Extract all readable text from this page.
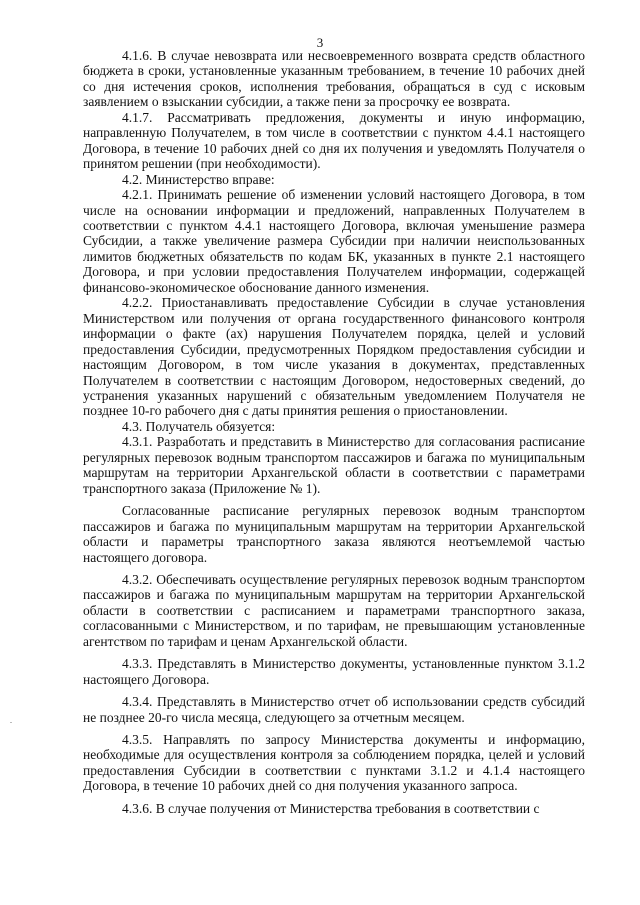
3

4.1.6. В случае невозврата или несвоевременного возврата средств областного бюджета в сроки, установленные указанным требованием, в течение 10 рабочих дней со дня истечения сроков, исполнения требования, обращаться в суд с исковым заявлением о взыскании субсидии, а также пени за просрочку ее возврата.

4.1.7. Рассматривать предложения, документы и иную информацию, направленную Получателем, в том числе в соответствии с пунктом 4.4.1 настоящего Договора, в течение 10 рабочих дней со дня их получения и уведомлять Получателя о принятом решении (при необходимости).

4.2. Министерство вправе:

4.2.1. Принимать решение об изменении условий настоящего Договора, в том числе на основании информации и предложений, направленных Получателем в соответствии с пунктом 4.4.1 настоящего Договора, включая уменьшение размера Субсидии, а также увеличение размера Субсидии при наличии неиспользованных лимитов бюджетных обязательств по кодам БК, указанных в пункте 2.1 настоящего Договора, и при условии предоставления Получателем информации, содержащей финансово-экономическое обоснование данного изменения.

4.2.2. Приостанавливать предоставление Субсидии в случае установления Министерством или получения от органа государственного финансового контроля информации о факте (ах) нарушения Получателем порядка, целей и условий предоставления Субсидии, предусмотренных Порядком предоставления субсидии и настоящим Договором, в том числе указания в документах, представленных Получателем в соответствии с настоящим Договором, недостоверных сведений, до устранения указанных нарушений с обязательным уведомлением Получателя не позднее 10-го рабочего дня с даты принятия решения о приостановлении.

4.3. Получатель обязуется:

4.3.1. Разработать и представить в Министерство для согласования расписание регулярных перевозок водным транспортом пассажиров и багажа по муниципальным маршрутам на территории Архангельской области в соответствии с параметрами транспортного заказа (Приложение № 1).

Согласованные расписание регулярных перевозок водным транспортом пассажиров и багажа по муниципальным маршрутам на территории Архангельской области и параметры транспортного заказа являются неотъемлемой частью настоящего договора.

4.3.2. Обеспечивать осуществление регулярных перевозок водным транспортом пассажиров и багажа по муниципальным маршрутам на территории Архангельской области в соответствии с расписанием и параметрами транспортного заказа, согласованными с Министерством, и по тарифам, не превышающим установленные агентством по тарифам и ценам Архангельской области.

4.3.3. Представлять в Министерство документы, установленные пунктом 3.1.2 настоящего Договора.

4.3.4. Представлять в Министерство отчет об использовании средств субсидий не позднее 20-го числа месяца, следующего за отчетным месяцем.

4.3.5. Направлять по запросу Министерства документы и информацию, необходимые для осуществления контроля за соблюдением порядка, целей и условий предоставления Субсидии в соответствии с пунктами 3.1.2 и 4.1.4 настоящего Договора, в течение 10 рабочих дней со дня получения указанного запроса.

4.3.6. В случае получения от Министерства требования в соответствии с
